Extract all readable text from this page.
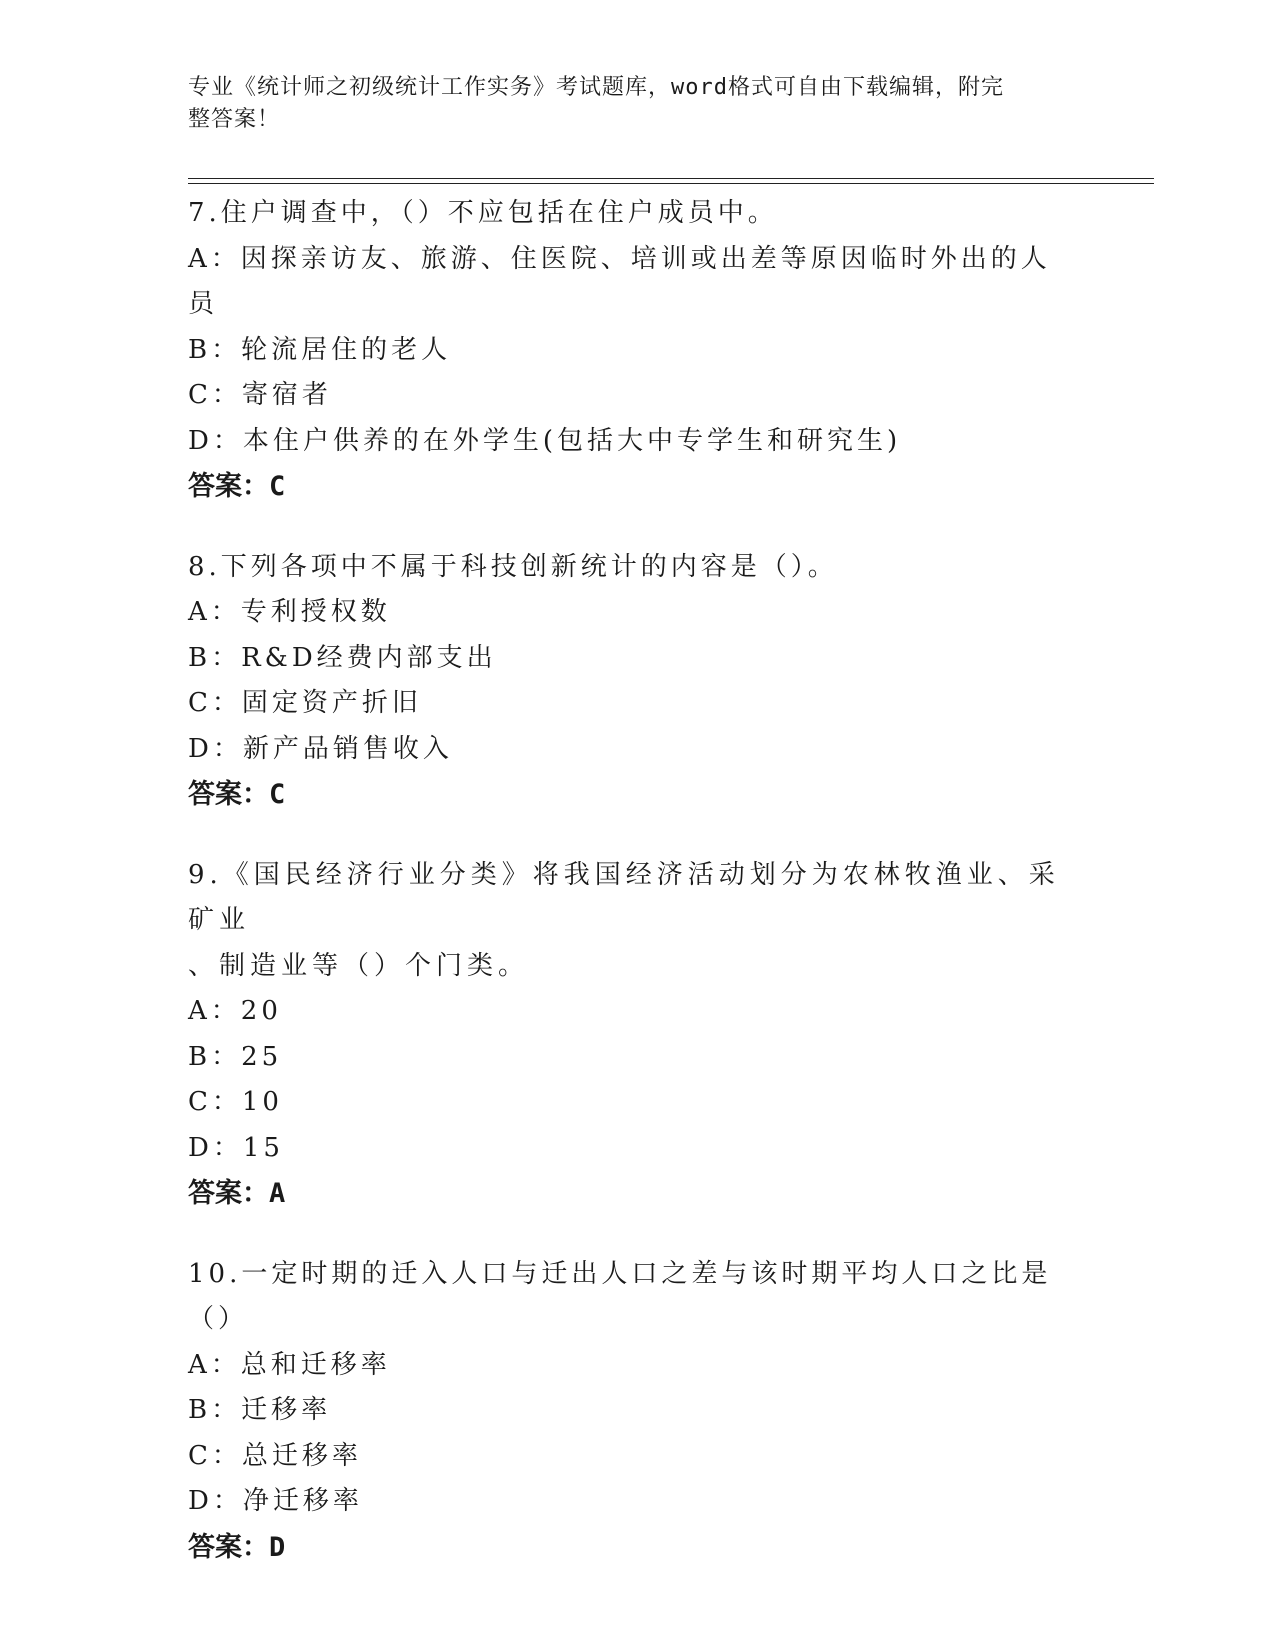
专业《统计师之初级统计工作实务》考试题库，word格式可自由下载编辑，附完
整答案！
7.住户调查中，（）不应包括在住户成员中。
A：因探亲访友、旅游、住医院、培训或出差等原因临时外出的人员
B：轮流居住的老人
C：寄宿者
D：本住户供养的在外学生(包括大中专学生和研究生)
答案：C
8.下列各项中不属于科技创新统计的内容是（）。
A：专利授权数
B：R&D经费内部支出
C：固定资产折旧
D：新产品销售收入
答案：C
9.《国民经济行业分类》将我国经济活动划分为农林牧渔业、采矿业
、制造业等（）个门类。
A：20
B：25
C：10
D：15
答案：A
10.一定时期的迁入人口与迁出人口之差与该时期平均人口之比是（）
A：总和迁移率
B：迁移率
C：总迁移率
D：净迁移率
答案：D
